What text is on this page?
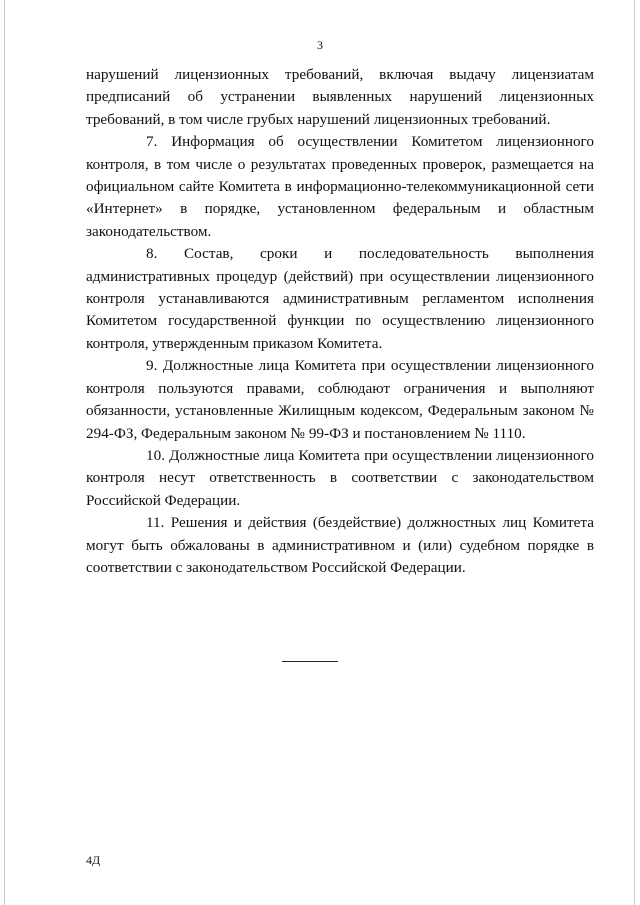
3

нарушений лицензионных требований, включая выдачу лицензиатам предписаний об устранении выявленных нарушений лицензионных требований, в том числе грубых нарушений лицензионных требований.

7. Информация об осуществлении Комитетом лицензионного контроля, в том числе о результатах проведенных проверок, размещается на официальном сайте Комитета в информационно-телекоммуникационной сети «Интернет» в порядке, установленном федеральным и областным законодательством.

8. Состав, сроки и последовательность выполнения административных процедур (действий) при осуществлении лицензионного контроля устанавливаются административным регламентом исполнения Комитетом государственной функции по осуществлению лицензионного контроля, утвержденным приказом Комитета.

9. Должностные лица Комитета при осуществлении лицензионного контроля пользуются правами, соблюдают ограничения и выполняют обязанности, установленные Жилищным кодексом, Федеральным законом № 294-ФЗ, Федеральным законом № 99-ФЗ и постановлением № 1110.

10. Должностные лица Комитета при осуществлении лицензионного контроля несут ответственность в соответствии с законодательством Российской Федерации.

11. Решения и действия (бездействие) должностных лиц Комитета могут быть обжалованы в административном и (или) судебном порядке в соответствии с законодательством Российской Федерации.

4Д
